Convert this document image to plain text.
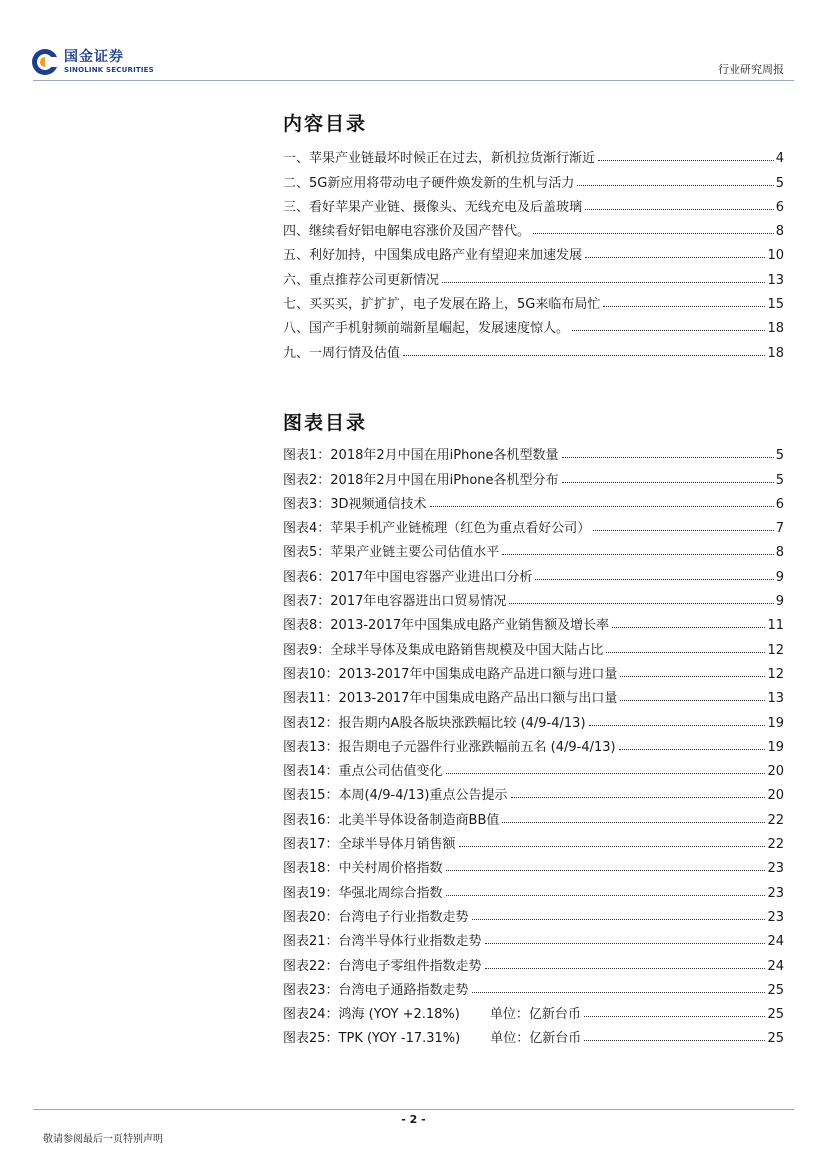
国金证券
SINOLINK SECURITIES	行业研究周报
内容目录
一、苹果产业链最坏时候正在过去，新机拉货渐行渐近	4
二、5G新应用将带动电子硬件焕发新的生机与活力	5
三、看好苹果产业链、摄像头、无线充电及后盖玻璃	6
四、继续看好铝电解电容涨价及国产替代。	8
五、利好加持，中国集成电路产业有望迎来加速发展	10
六、重点推荐公司更新情况	13
七、买买买，扩扩扩，电子发展在路上，5G来临布局忙	15
八、国产手机射频前端新星崛起，发展速度惊人。	18
九、一周行情及估值	18
图表目录
图表1：2018年2月中国在用iPhone各机型数量	5
图表2：2018年2月中国在用iPhone各机型分布	5
图表3：3D视频通信技术	6
图表4：苹果手机产业链梳理（红色为重点看好公司）	7
图表5：苹果产业链主要公司估值水平	8
图表6：2017年中国电容器产业进出口分析	9
图表7：2017年电容器进出口贸易情况	9
图表8：2013-2017年中国集成电路产业销售额及增长率	11
图表9：全球半导体及集成电路销售规模及中国大陆占比	12
图表10：2013-2017年中国集成电路产品进口额与进口量	12
图表11：2013-2017年中国集成电路产品出口额与出口量	13
图表12：报告期内A股各版块涨跌幅比较 (4/9-4/13)	19
图表13：报告期电子元器件行业涨跌幅前五名 (4/9-4/13)	19
图表14：重点公司估值变化	20
图表15：本周(4/9-4/13)重点公告提示	20
图表16：北美半导体设备制造商BB值	22
图表17：全球半导体月销售额	22
图表18：中关村周价格指数	23
图表19：华强北周综合指数	23
图表20：台湾电子行业指数走势	23
图表21：台湾半导体行业指数走势	24
图表22：台湾电子零组件指数走势	24
图表23：台湾电子通路指数走势	25
图表24：鸿海 (YOY +2.18%) 单位：亿新台币	25
图表25：TPK (YOY -17.31%) 单位：亿新台币	25
- 2 -
敬请参阅最后一页特别声明
